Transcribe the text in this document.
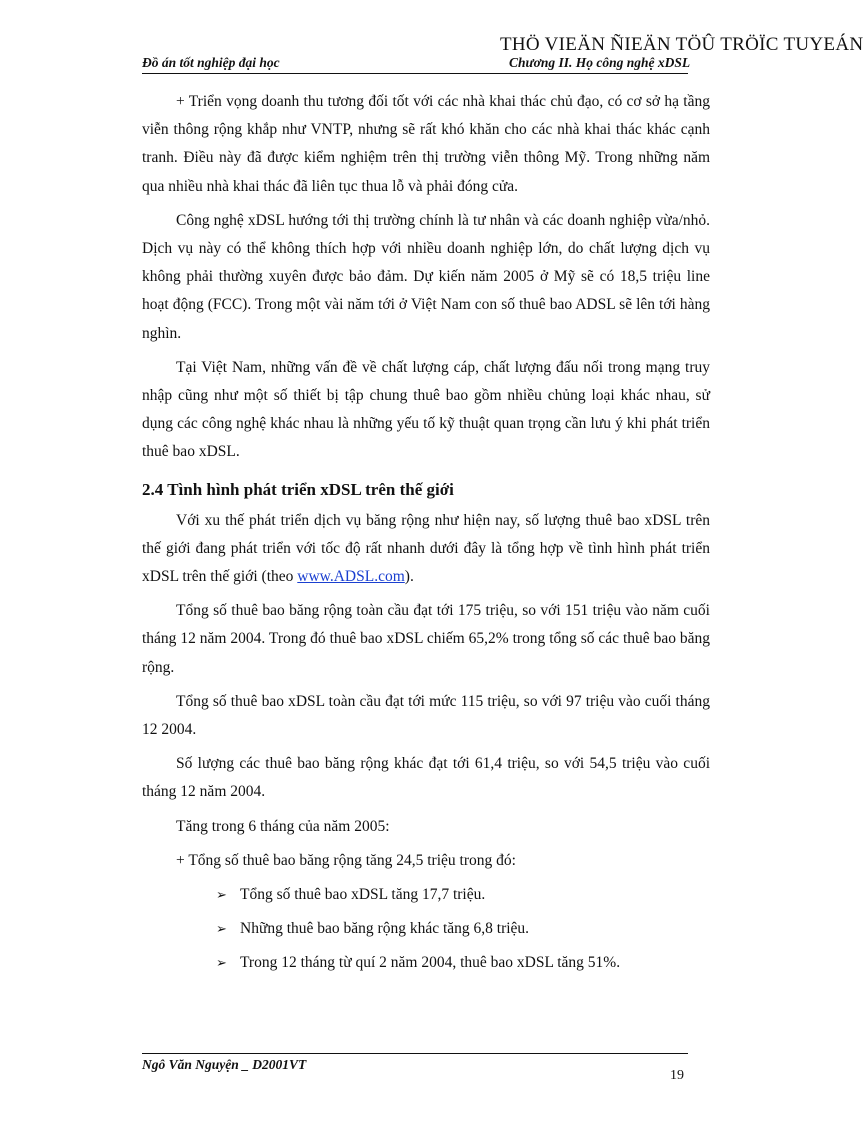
THÖ VIEÄN ÑIEÄN TÖÛ TRÖÏC TUYEÁN
Đồ án tốt nghiệp đại học	Chương II. Họ công nghệ xDSL

+ Triển vọng doanh thu tương đối tốt với các nhà khai thác chủ đạo, có cơ sở hạ tầng viễn thông rộng khắp như VNTP, nhưng sẽ rất khó khăn cho các nhà khai thác khác cạnh tranh. Điều này đã được kiểm nghiệm trên thị trường viễn thông Mỹ. Trong những năm qua nhiều nhà khai thác đã liên tục thua lỗ và phải đóng cửa.

Công nghệ xDSL hướng tới thị trường chính là tư nhân và các doanh nghiệp vừa/nhỏ. Dịch vụ này có thể không thích hợp với nhiều doanh nghiệp lớn, do chất lượng dịch vụ không phải thường xuyên được bảo đảm. Dự kiến năm 2005 ở Mỹ sẽ có 18,5 triệu line hoạt động (FCC). Trong một vài năm tới ở Việt Nam con số thuê bao ADSL sẽ lên tới hàng nghìn.

Tại Việt Nam, những vấn đề về chất lượng cáp, chất lượng đấu nối trong mạng truy nhập cũng như một số thiết bị tập chung thuê bao gồm nhiều chủng loại khác nhau, sử dụng các công nghệ khác nhau là những yếu tố kỹ thuật quan trọng cần lưu ý khi phát triển thuê bao xDSL.

2.4 Tình hình phát triển xDSL trên thế giới

Với xu thế phát triển dịch vụ băng rộng như hiện nay, số lượng thuê bao xDSL trên thế giới đang phát triển với tốc độ rất nhanh dưới đây là tổng hợp về tình hình phát triển xDSL trên thế giới (theo www.ADSL.com).

Tổng số thuê bao băng rộng toàn cầu đạt tới 175 triệu, so với 151 triệu vào năm cuối tháng 12 năm 2004. Trong đó thuê bao xDSL chiếm 65,2% trong tổng số các thuê bao băng rộng.

Tổng số thuê bao xDSL toàn cầu đạt tới mức 115 triệu, so với 97 triệu vào cuối tháng 12 2004.

Số lượng các thuê bao băng rộng khác đạt tới 61,4 triệu, so với 54,5 triệu vào cuối tháng 12 năm 2004.

Tăng trong 6 tháng của năm 2005:

+ Tổng số thuê bao băng rộng tăng 24,5 triệu trong đó:

➢ Tổng số thuê bao xDSL tăng 17,7 triệu.
➢ Những thuê bao băng rộng khác tăng 6,8 triệu.
➢ Trong 12 tháng từ quí 2 năm 2004, thuê bao xDSL tăng 51%.
Ngô Văn Nguyện _ D2001VT
19
